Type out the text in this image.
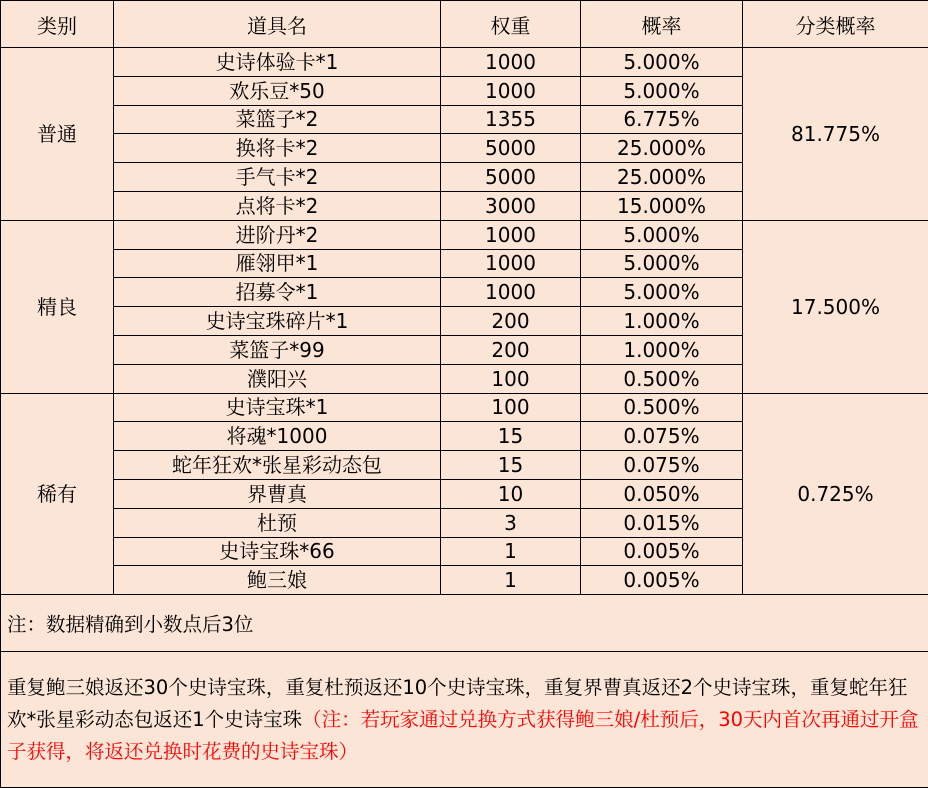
类别	道具名	权重	概率	分类概率
普通	史诗体验卡*1	1000	5.000%	81.775%
	欢乐豆*50	1000	5.000%	
	菜篮子*2	1355	6.775%	
	换将卡*2	5000	25.000%	
	手气卡*2	5000	25.000%	
	点将卡*2	3000	15.000%	
精良	进阶丹*2	1000	5.000%	17.500%
	雁翎甲*1	1000	5.000%	
	招募令*1	1000	5.000%	
	史诗宝珠碎片*1	200	1.000%	
	菜篮子*99	200	1.000%	
	濮阳兴	100	0.500%	
稀有	史诗宝珠*1	100	0.500%	0.725%
	将魂*1000	15	0.075%	
	蛇年狂欢*张星彩动态包	15	0.075%	
	界曹真	10	0.050%	
	杜预	3	0.015%	
	史诗宝珠*66	1	0.005%	
	鲍三娘	1	0.005%	
注：数据精确到小数点后3位				
重复鲍三娘返还30个史诗宝珠，重复杜预返还10个史诗宝珠，重复界曹真返还2个史诗宝珠，重复蛇年狂欢*张星彩动态包返还1个史诗宝珠（注：若玩家通过兑换方式获得鲍三娘/杜预后，30天内首次再通过开盒子获得，将返还兑换时花费的史诗宝珠）				
